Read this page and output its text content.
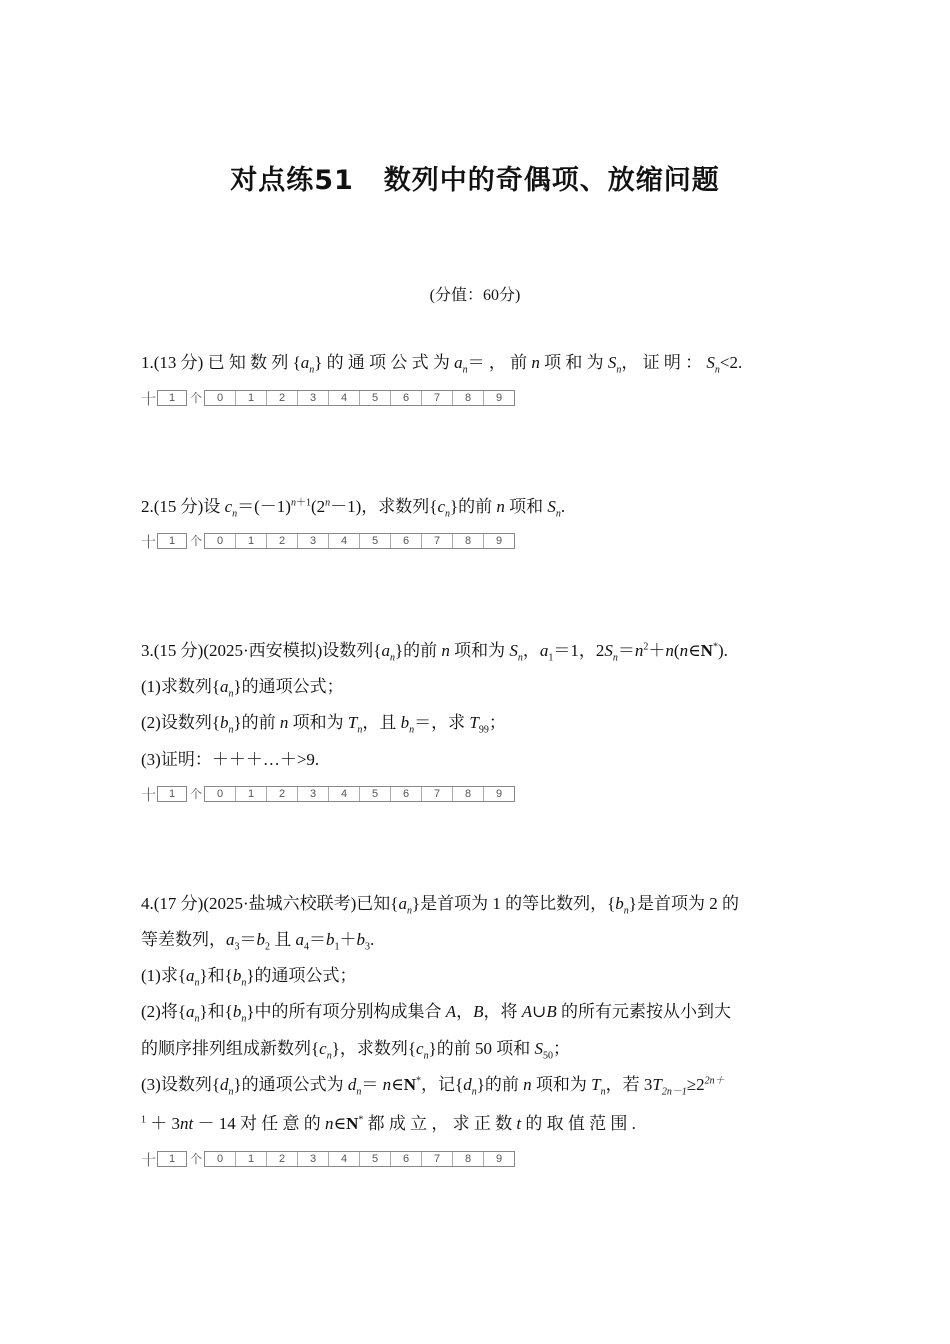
对点练51 数列中的奇偶项、放缩问题
(分值：60分)
1.(13 分) 已 知 数 列 $\{a_n\}$ 的 通 项 公 式 为 $a_n=$ ， 前 n 项 和 为 $S_n$， 证 明 ： $S_n<2$.
十	1	个	0	1	2	3	4	5	6	7	8	9
2.(15 分)设 $c_n=(-1)^{n+1}(2^n-1)$，求数列$\{c_n\}$的前 n 项和 $S_n$.
十	1	个	0	1	2	3	4	5	6	7	8	9
3.(15 分)(2025·西安模拟)设数列$\{a_n\}$的前 n 项和为 $S_n$，$a_1=1$，$2S_n=n^2+n(n\in N^*)$.
(1)求数列$\{a_n\}$的通项公式；
(2)设数列$\{b_n\}$的前 n 项和为 $T_n$，且 $b_n=$，求 $T_{99}$；
(3)证明：＋＋＋…＋>9.
十	1	个	0	1	2	3	4	5	6	7	8	9
4.(17 分)(2025·盐城六校联考)已知$\{a_n\}$是首项为 1 的等比数列，$\{b_n\}$是首项为 2 的
等差数列，$a_3=b_2$ 且 $a_4=b_1+b_3$.
(1)求$\{a_n\}$和$\{b_n\}$的通项公式；
(2)将$\{a_n\}$和$\{b_n\}$中的所有项分别构成集合 A，B，将 A∪B 的所有元素按从小到大
的顺序排列组成新数列$\{c_n\}$，求数列$\{c_n\}$的前 50 项和 $S_{50}$；
(3)设数列$\{d_n\}$的通项公式为 $d_n=$ n∈N*，记$\{d_n\}$的前 n 项和为 $T_n$，若 $3T_{2n-1}\ge 2^{2n+}$
$^1$ ＋ 3nt － 14 对 任 意 的 n∈N* 都 成 立 ， 求 正 数 t 的 取 值 范 围 .
十	1	个	0	1	2	3	4	5	6	7	8	9
